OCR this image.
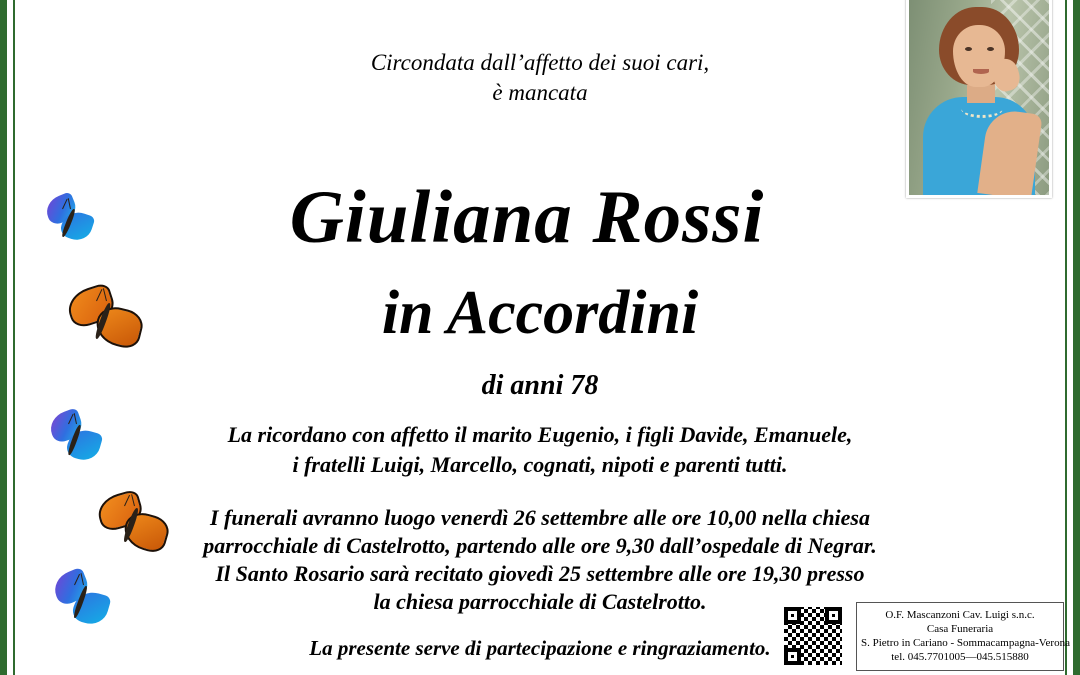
Circondata dall’affetto dei suoi cari,
è mancata
Giuliana Rossi
in Accordini
di anni 78
La ricordano con affetto il marito Eugenio, i figli Davide, Emanuele,
i fratelli Luigi, Marcello, cognati, nipoti e parenti tutti.
I funerali avranno luogo venerdì 26 settembre alle ore 10,00 nella chiesa
parrocchiale di Castelrotto, partendo alle ore 9,30 dall’ospedale di Negrar.
Il Santo Rosario sarà recitato giovedì 25 settembre alle ore 19,30 presso
la chiesa parrocchiale di Castelrotto.
La presente serve di partecipazione e ringraziamento.
O.F. Mascanzoni Cav. Luigi s.n.c.
Casa Funeraria
S. Pietro in Cariano - Sommacampagna-Verona
tel. 045.7701005—045.515880
